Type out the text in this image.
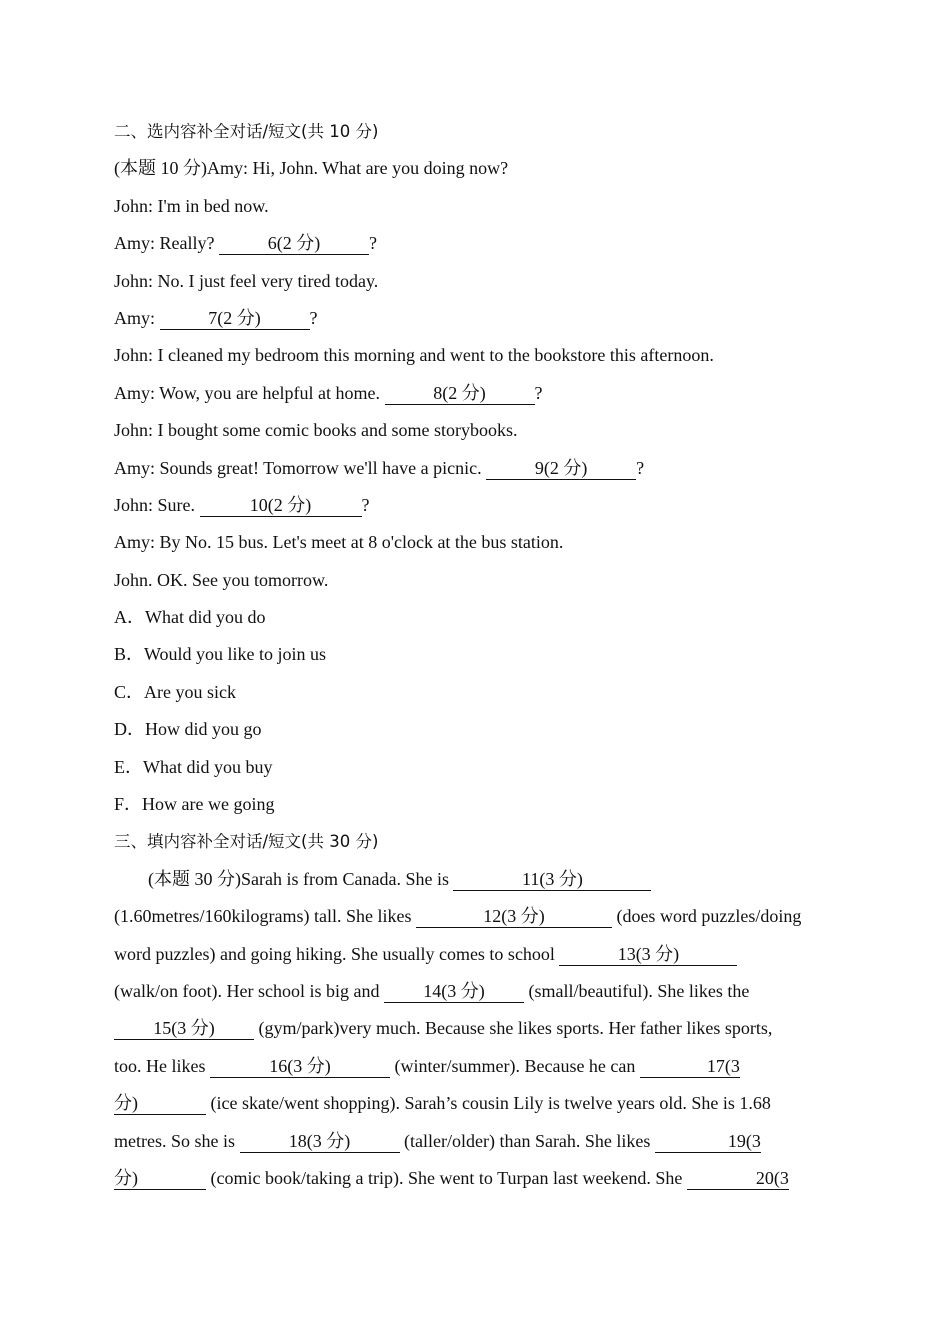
二、选内容补全对话/短文(共 10 分)
(本题 10 分)Amy: Hi, John. What are you doing now?
John: I'm in bed now.
Amy: Really?	6(2 分)	?
John: No. I just feel very tired today.
Amy:	7(2 分)	?
John: I cleaned my bedroom this morning and went to the bookstore this afternoon.
Amy: Wow, you are helpful at home.	8(2 分)	?
John: I bought some comic books and some storybooks.
Amy: Sounds great! Tomorrow we'll have a picnic.	9(2 分)	?
John: Sure.	10(2 分)	?
Amy: By No. 15 bus. Let's meet at 8 o'clock at the bus station.
John. OK. See you tomorrow.
A．What did you do
B．Would you like to join us
C．Are you sick
D．How did you go
E．What did you buy
F．How are we going
三、填内容补全对话/短文(共 30 分)
(本题 30 分)Sarah is from Canada. She is	11(3 分)
(1.60metres/160kilograms) tall. She likes	12(3 分)	(does word puzzles/doing
word puzzles) and going hiking. She usually comes to school	13(3 分)
(walk/on foot). Her school is big and 14(3 分) (small/beautiful). She likes the
15(3 分) (gym/park)very much. Because she likes sports. Her father likes sports,
too. He likes	16(3 分)	(winter/summer). Because he can	17(3
分)	(ice skate/went shopping). Sarah’s cousin Lily is twelve years old. She is 1.68
metres. So she is	18(3 分)	(taller/older) than Sarah. She likes	19(3
分)	(comic book/taking a trip). She went to Turpan last weekend. She	20(3
